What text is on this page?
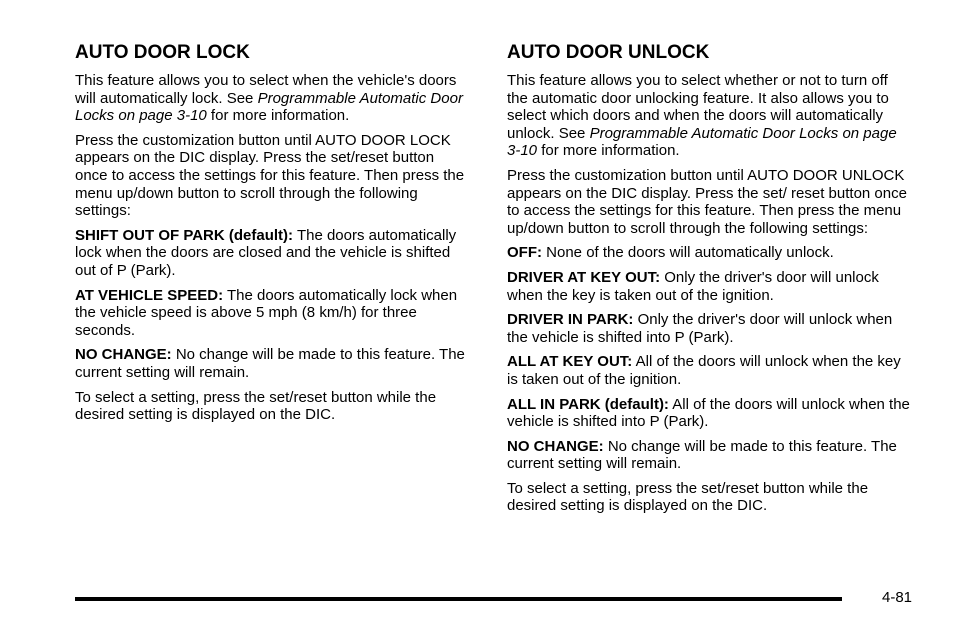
AUTO DOOR LOCK

This feature allows you to select when the vehicle's doors will automatically lock. See Programmable Automatic Door Locks on page 3-10 for more information.

Press the customization button until AUTO DOOR LOCK appears on the DIC display. Press the set/reset button once to access the settings for this feature. Then press the menu up/down button to scroll through the following settings:

SHIFT OUT OF PARK (default): The doors automatically lock when the doors are closed and the vehicle is shifted out of P (Park).

AT VEHICLE SPEED: The doors automatically lock when the vehicle speed is above 5 mph (8 km/h) for three seconds.

NO CHANGE: No change will be made to this feature. The current setting will remain.

To select a setting, press the set/reset button while the desired setting is displayed on the DIC.

AUTO DOOR UNLOCK

This feature allows you to select whether or not to turn off the automatic door unlocking feature. It also allows you to select which doors and when the doors will automatically unlock. See Programmable Automatic Door Locks on page 3-10 for more information.

Press the customization button until AUTO DOOR UNLOCK appears on the DIC display. Press the set/ reset button once to access the settings for this feature. Then press the menu up/down button to scroll through the following settings:

OFF: None of the doors will automatically unlock.

DRIVER AT KEY OUT: Only the driver's door will unlock when the key is taken out of the ignition.

DRIVER IN PARK: Only the driver's door will unlock when the vehicle is shifted into P (Park).

ALL AT KEY OUT: All of the doors will unlock when the key is taken out of the ignition.

ALL IN PARK (default): All of the doors will unlock when the vehicle is shifted into P (Park).

NO CHANGE: No change will be made to this feature. The current setting will remain.

To select a setting, press the set/reset button while the desired setting is displayed on the DIC.

4-81
